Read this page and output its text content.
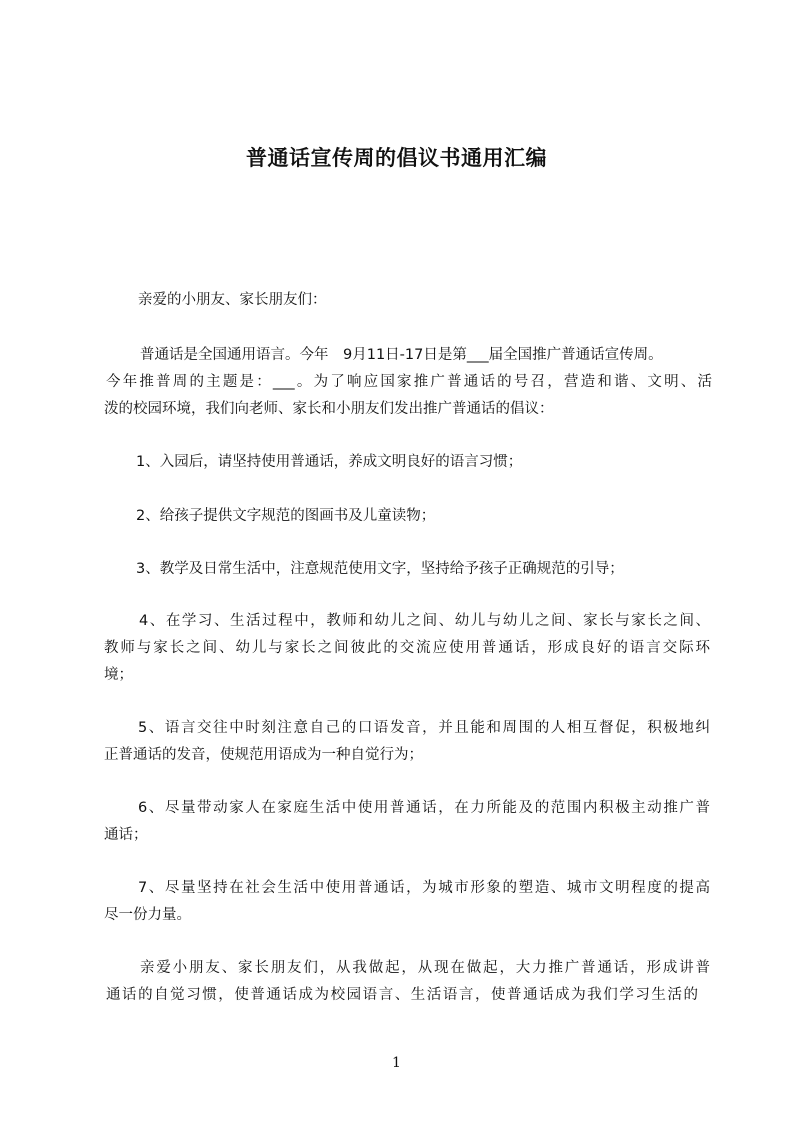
普通话宣传周的倡议书通用汇编

亲爱的小朋友、家长朋友们：

普通话是全国通用语言。今年　9月11日-17日是第___届全国推广普通话宣传周。

今年推普周的主题是：___。为了响应国家推广普通话的号召，营造和谐、文明、活

泼的校园环境，我们向老师、家长和小朋友们发出推广普通话的倡议：

1、入园后，请坚持使用普通话，养成文明良好的语言习惯；

2、给孩子提供文字规范的图画书及儿童读物；

3、教学及日常生活中，注意规范使用文字，坚持给予孩子正确规范的引导；

4、在学习、生活过程中，教师和幼儿之间、幼儿与幼儿之间、家长与家长之间、

教师与家长之间、幼儿与家长之间彼此的交流应使用普通话，形成良好的语言交际环

境；

5、语言交往中时刻注意自己的口语发音，并且能和周围的人相互督促，积极地纠

正普通话的发音，使规范用语成为一种自觉行为；

6、尽量带动家人在家庭生活中使用普通话，在力所能及的范围内积极主动推广普

通话；

7、尽量坚持在社会生活中使用普通话，为城市形象的塑造、城市文明程度的提高

尽一份力量。

亲爱小朋友、家长朋友们，从我做起，从现在做起，大力推广普通话，形成讲普

通话的自觉习惯，使普通话成为校园语言、生活语言，使普通话成为我们学习生活的

1
